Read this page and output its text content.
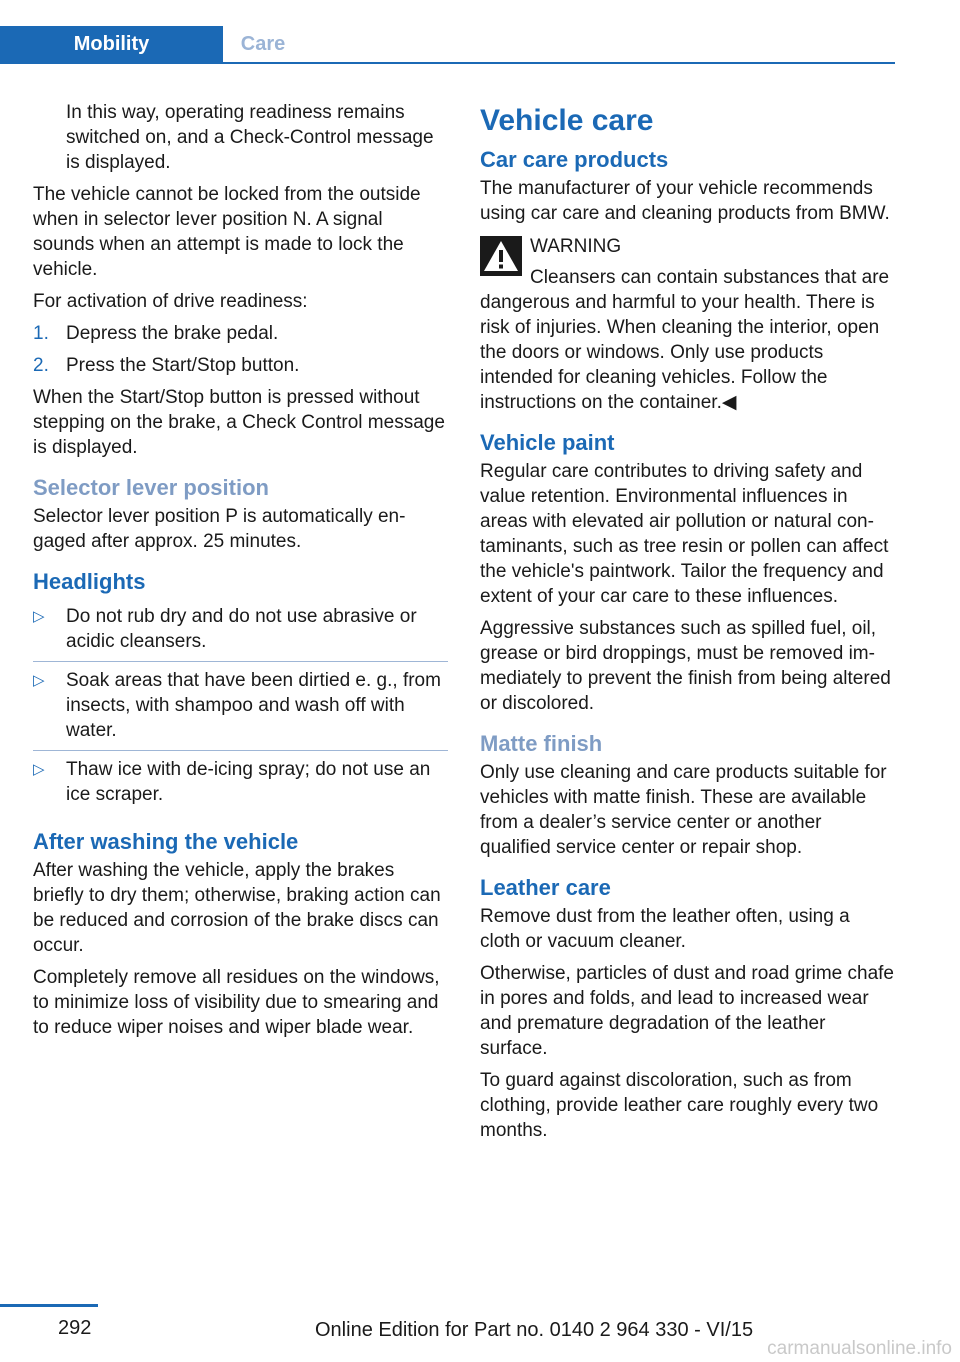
Mobility	Care

In this way, operating readiness remains switched on, and a Check-Control message is displayed.

The vehicle cannot be locked from the outside when in selector lever position N. A signal sounds when an attempt is made to lock the vehicle.

For activation of drive readiness:

1. Depress the brake pedal.
2. Press the Start/Stop button.

When the Start/Stop button is pressed without stepping on the brake, a Check Control message is displayed.

Selector lever position

Selector lever position P is automatically engaged after approx. 25 minutes.

Headlights
▷ Do not rub dry and do not use abrasive or acidic cleansers.
▷ Soak areas that have been dirtied e. g., from insects, with shampoo and wash off with water.
▷ Thaw ice with de-icing spray; do not use an ice scraper.
After washing the vehicle

After washing the vehicle, apply the brakes briefly to dry them; otherwise, braking action can be reduced and corrosion of the brake discs can occur.

Completely remove all residues on the windows, to minimize loss of visibility due to smearing and to reduce wiper noises and wiper blade wear.

Vehicle care
Car care products

The manufacturer of your vehicle recommends using car care and cleaning products from BMW.

WARNING
Cleansers can contain substances that are dangerous and harmful to your health. There is risk of injuries. When cleaning the interior, open the doors or windows. Only use products intended for cleaning vehicles. Follow the instructions on the container.◀
Vehicle paint

Regular care contributes to driving safety and value retention. Environmental influences in areas with elevated air pollution or natural contaminants, such as tree resin or pollen can affect the vehicle's paintwork. Tailor the frequency and extent of your car care to these influences.

Aggressive substances such as spilled fuel, oil, grease or bird droppings, must be removed immediately to prevent the finish from being altered or discolored.

Matte finish

Only use cleaning and care products suitable for vehicles with matte finish. These are available from a dealer’s service center or another qualified service center or repair shop.

Leather care

Remove dust from the leather often, using a cloth or vacuum cleaner.

Otherwise, particles of dust and road grime chafe in pores and folds, and lead to increased wear and premature degradation of the leather surface.

To guard against discoloration, such as from clothing, provide leather care roughly every two months.

292	Online Edition for Part no. 0140 2 964 330 - VI/15
carmanualsonline.info
